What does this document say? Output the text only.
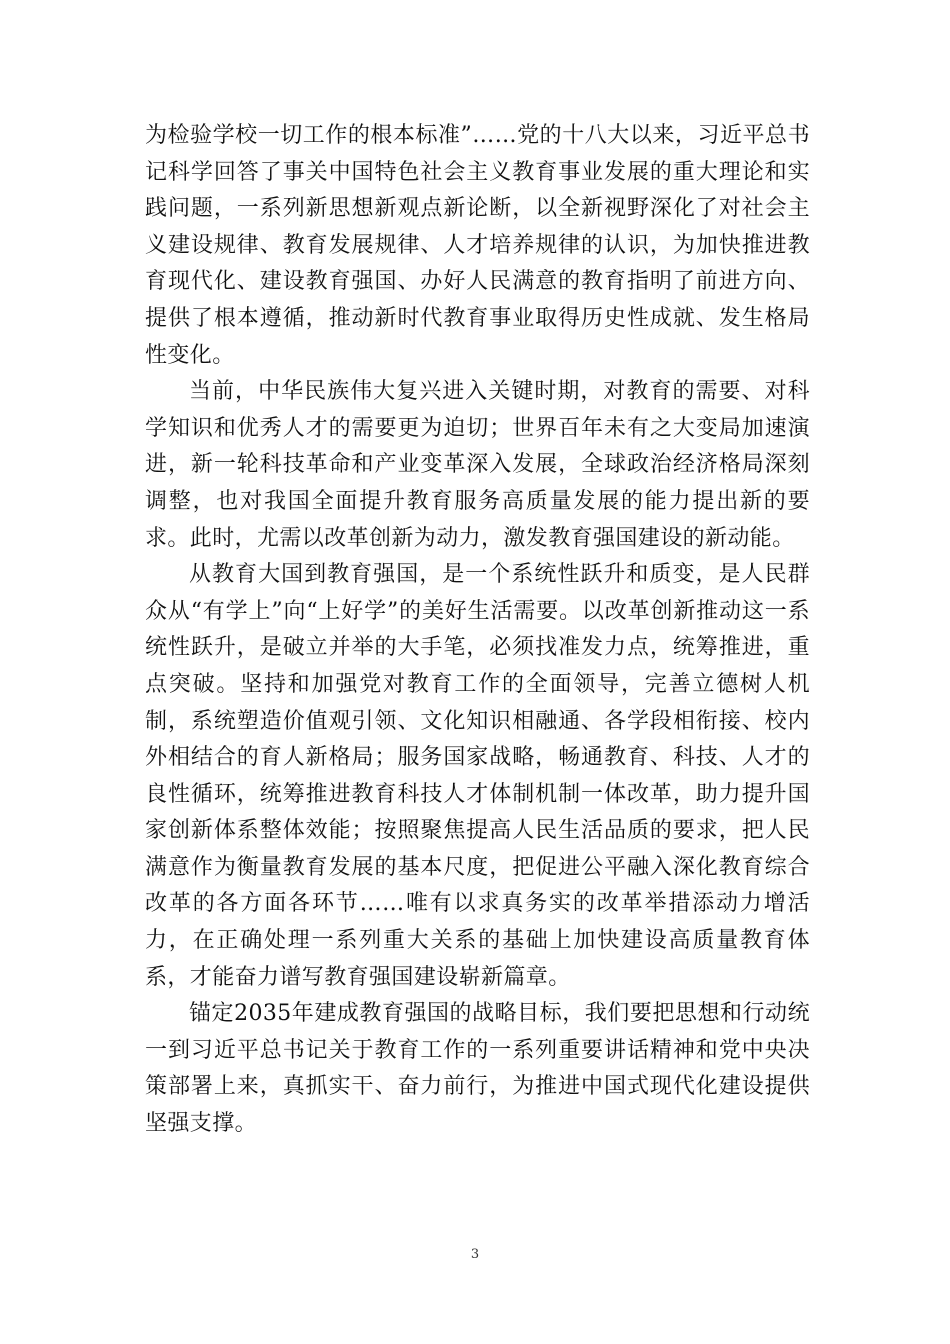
为检验学校一切工作的根本标准”……党的十八大以来，习近平总书记科学回答了事关中国特色社会主义教育事业发展的重大理论和实践问题，一系列新思想新观点新论断，以全新视野深化了对社会主义建设规律、教育发展规律、人才培养规律的认识，为加快推进教育现代化、建设教育强国、办好人民满意的教育指明了前进方向、提供了根本遵循，推动新时代教育事业取得历史性成就、发生格局性变化。

当前，中华民族伟大复兴进入关键时期，对教育的需要、对科学知识和优秀人才的需要更为迫切；世界百年未有之大变局加速演进，新一轮科技革命和产业变革深入发展，全球政治经济格局深刻调整，也对我国全面提升教育服务高质量发展的能力提出新的要求。此时，尤需以改革创新为动力，激发教育强国建设的新动能。

从教育大国到教育强国，是一个系统性跃升和质变，是人民群众从“有学上”向“上好学”的美好生活需要。以改革创新推动这一系统性跃升，是破立并举的大手笔，必须找准发力点，统筹推进，重点突破。坚持和加强党对教育工作的全面领导，完善立德树人机制，系统塑造价值观引领、文化知识相融通、各学段相衔接、校内外相结合的育人新格局；服务国家战略，畅通教育、科技、人才的良性循环，统筹推进教育科技人才体制机制一体改革，助力提升国家创新体系整体效能；按照聚焦提高人民生活品质的要求，把人民满意作为衡量教育发展的基本尺度，把促进公平融入深化教育综合改革的各方面各环节……唯有以求真务实的改革举措添动力增活力，在正确处理一系列重大关系的基础上加快建设高质量教育体系，才能奋力谱写教育强国建设崭新篇章。

锚定2035年建成教育强国的战略目标，我们要把思想和行动统一到习近平总书记关于教育工作的一系列重要讲话精神和党中央决策部署上来，真抓实干、奋力前行，为推进中国式现代化建设提供坚强支撑。

3
